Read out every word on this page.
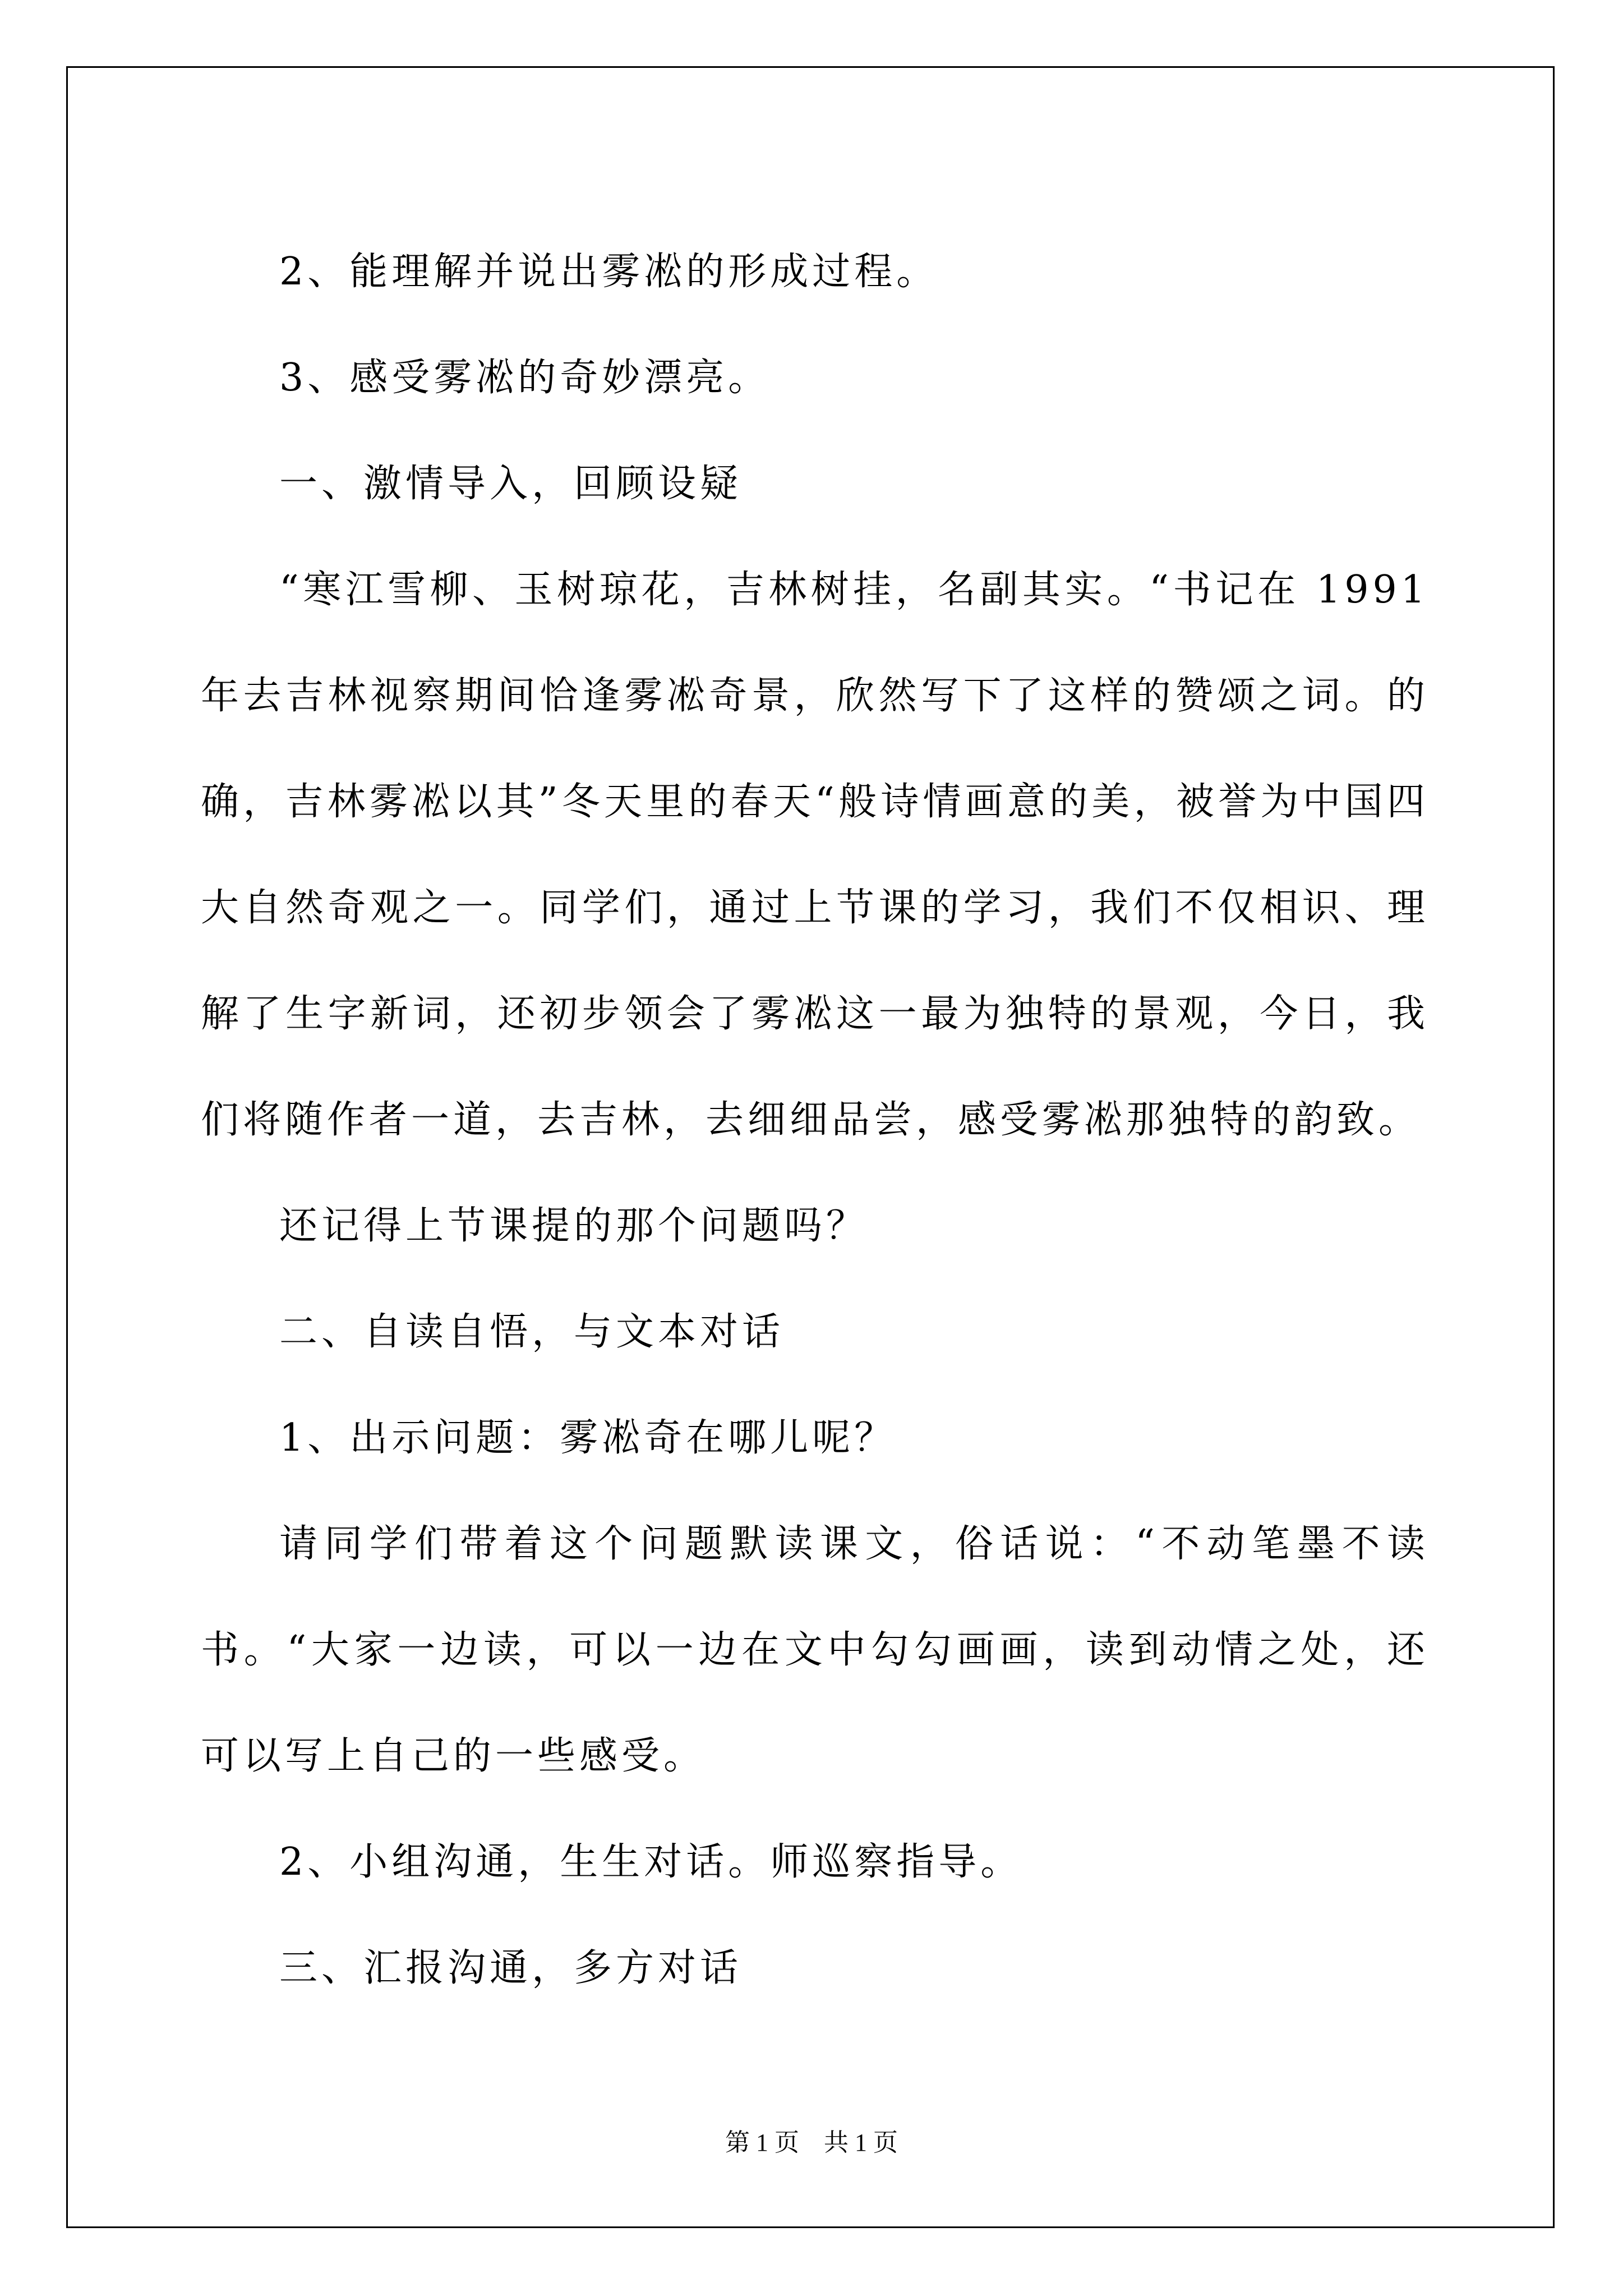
2、能理解并说出雾凇的形成过程。

3、感受雾凇的奇妙漂亮。

一、激情导入，回顾设疑

“寒江雪柳、玉树琼花，吉林树挂，名副其实。“书记在 1991 年去吉林视察期间恰逢雾凇奇景，欣然写下了这样的赞颂之词。的确，吉林雾凇以其”冬天里的春天“般诗情画意的美，被誉为中国四大自然奇观之一。同学们，通过上节课的学习，我们不仅相识、理解了生字新词，还初步领会了雾凇这一最为独特的景观，今日，我们将随作者一道，去吉林，去细细品尝，感受雾凇那独特的韵致。

还记得上节课提的那个问题吗？

二、自读自悟，与文本对话

1、出示问题：雾凇奇在哪儿呢？

请同学们带着这个问题默读课文，俗话说：“不动笔墨不读书。“大家一边读，可以一边在文中勾勾画画，读到动情之处，还可以写上自己的一些感受。

2、小组沟通，生生对话。师巡察指导。

三、汇报沟通，多方对话

第 1 页　共 1 页
